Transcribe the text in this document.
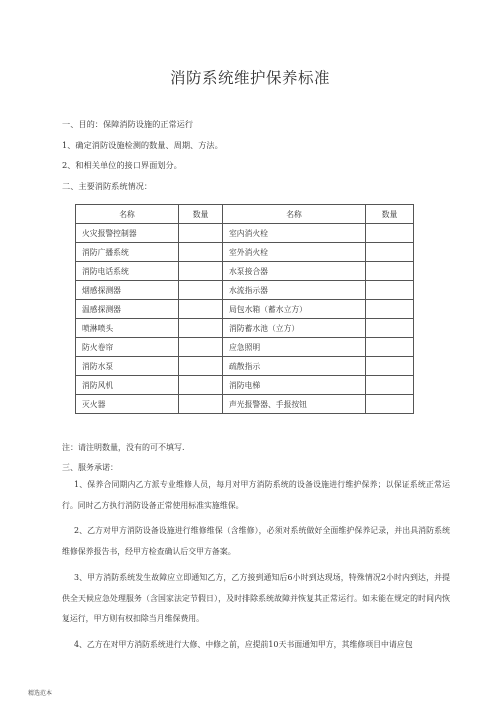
消防系统维护保养标准
一、目的：保障消防设施的正常运行
1、确定消防设施检测的数量、周期、方法。
2、和相关单位的接口界面划分。
二、主要消防系统情况：
名称	数量	名称	数量
火灾报警控制器		室内消火栓	
消防广播系统		室外消火栓	
消防电话系统		水泵接合器	
烟感探测器		水流指示器	
温感探测器		局包水箱（蓄水立方）	
喷淋喷头		消防蓄水池（立方）	
防火卷帘		应急照明	
消防水泵		疏散指示	
消防风机		消防电梯	
灭火器		声光报警器、手报按钮	
注：请注明数量，没有的可不填写.
三、服务承诺：
1、保养合同期内乙方派专业维修人员，每月对甲方消防系统的设备设施进行维护保养；以保证系统正常运行。同时乙方执行消防设备正常使用标准实施维保。
2、乙方对甲方消防设备设施进行维修维保（含维修），必须对系统做好全面维护保养记录，并出具消防系统维修保养报告书，经甲方检查确认后交甲方备案。
3、甲方消防系统发生故障应立即通知乙方，乙方接到通知后6小时到达现场，特殊情况2小时内到达，并提供全天候应急处理服务（含国家法定节假日），及时排除系统故障并恢复其正常运行。如未能在规定的时间内恢复运行，甲方则有权扣除当月维保费用。
4、乙方在对甲方消防系统进行大修、中修之前，应提前10天书面通知甲方，其维修项目中请应包
精选范本
